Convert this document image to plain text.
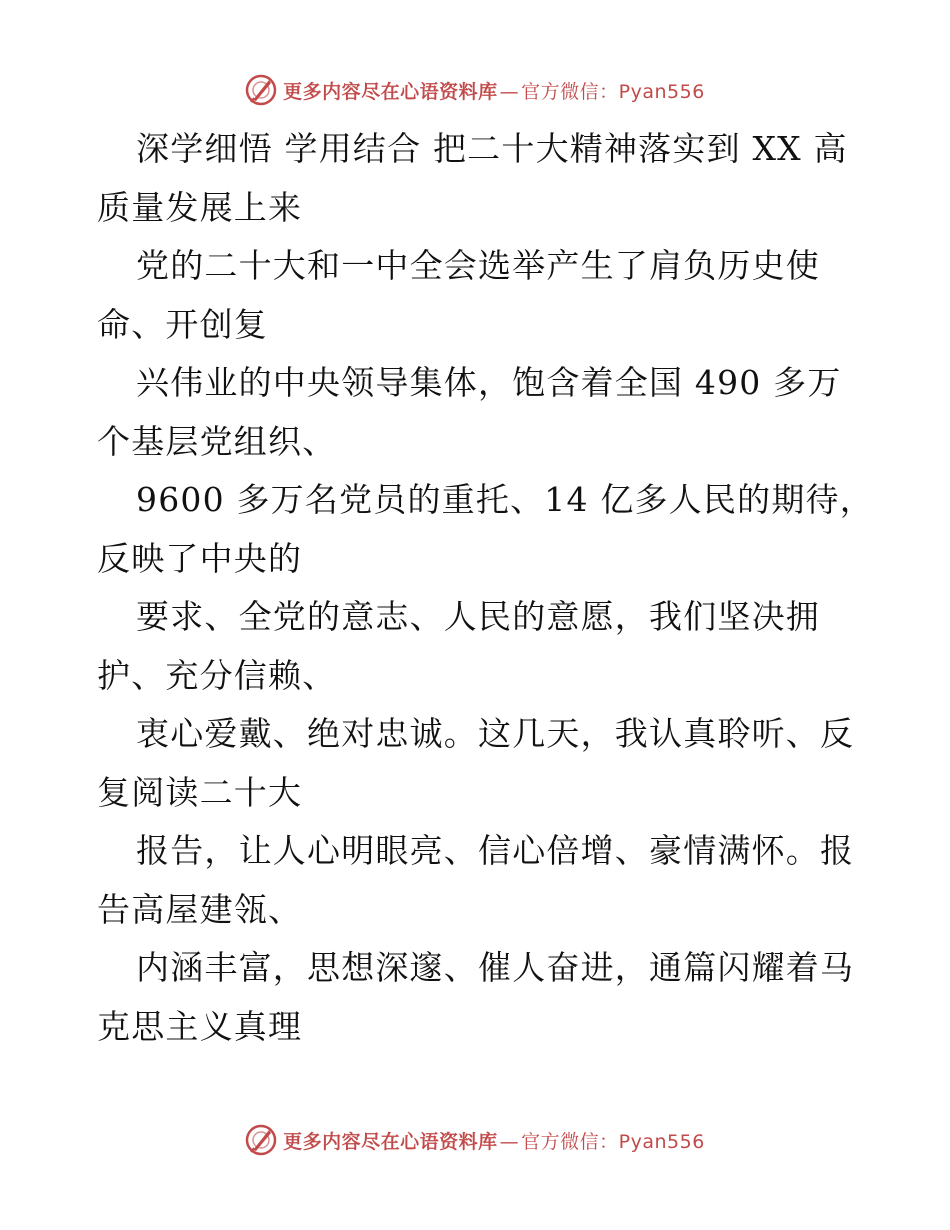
更多内容尽在心语资料库 — 官方微信：Pyan556
深学细悟 学用结合 把二十大精神落实到 XX 高
质量发展上来
党的二十大和一中全会选举产生了肩负历史使
命、开创复
兴伟业的中央领导集体，饱含着全国 490 多万
个基层党组织、
9600 多万名党员的重托、14 亿多人民的期待，
反映了中央的
要求、全党的意志、人民的意愿，我们坚决拥
护、充分信赖、
衷心爱戴、绝对忠诚。这几天，我认真聆听、反
复阅读二十大
报告，让人心明眼亮、信心倍增、豪情满怀。报
告高屋建瓴、
内涵丰富，思想深邃、催人奋进，通篇闪耀着马
克思主义真理
更多内容尽在心语资料库 — 官方微信：Pyan556
